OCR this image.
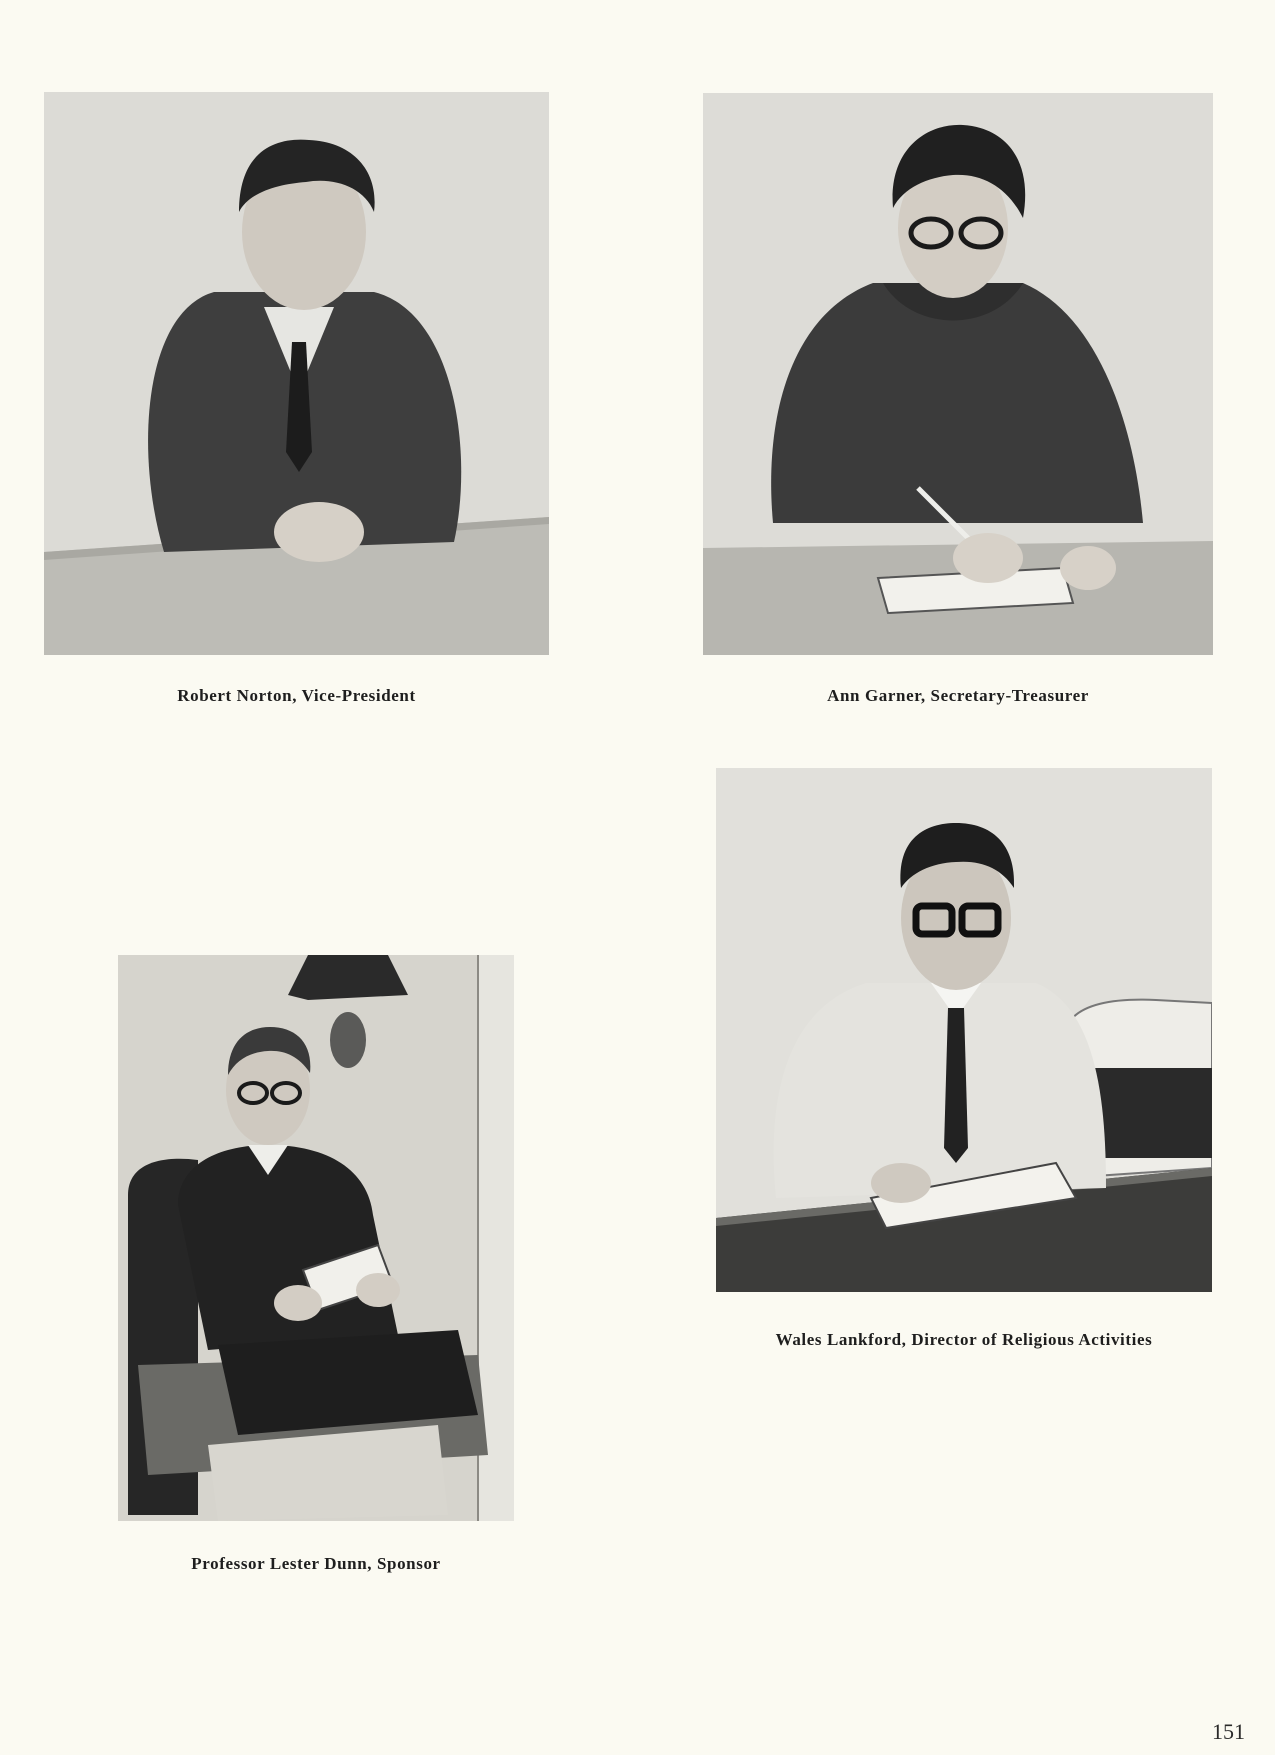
Robert Norton, Vice-President	Ann Garner, Secretary-Treasurer
Professor Lester Dunn, Sponsor
Wales Lankford, Director of Religious Activities
151
